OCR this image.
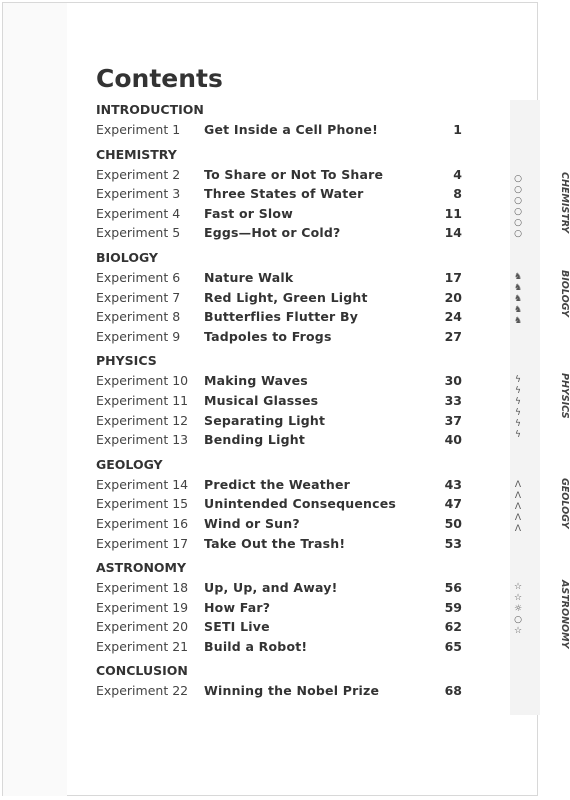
Contents
INTRODUCTION
Experiment 1	Get Inside a Cell Phone!	1
CHEMISTRY
Experiment 2	To Share or Not To Share	4
Experiment 3	Three States of Water	8
Experiment 4	Fast or Slow	11
Experiment 5	Eggs—Hot or Cold?	14
BIOLOGY
Experiment 6	Nature Walk	17
Experiment 7	Red Light, Green Light	20
Experiment 8	Butterflies Flutter By	24
Experiment 9	Tadpoles to Frogs	27
PHYSICS
Experiment 10	Making Waves	30
Experiment 11	Musical Glasses	33
Experiment 12	Separating Light	37
Experiment 13	Bending Light	40
GEOLOGY
Experiment 14	Predict the Weather	43
Experiment 15	Unintended Consequences	47
Experiment 16	Wind or Sun?	50
Experiment 17	Take Out the Trash!	53
ASTRONOMY
Experiment 18	Up, Up, and Away!	56
Experiment 19	How Far?	59
Experiment 20	SETI Live	62
Experiment 21	Build a Robot!	65
CONCLUSION
Experiment 22	Winning the Nobel Prize	68
CHEMISTRY
○
○
○
○
○
○
BIOLOGY
♞
♞
♞
♞
♞
PHYSICS
ϟ
ϟ
ϟ
ϟ
ϟ
ϟ
GEOLOGY
Λ
Λ
Λ
Λ
Λ
ASTRONOMY
☆
☆
☼
○
☆
